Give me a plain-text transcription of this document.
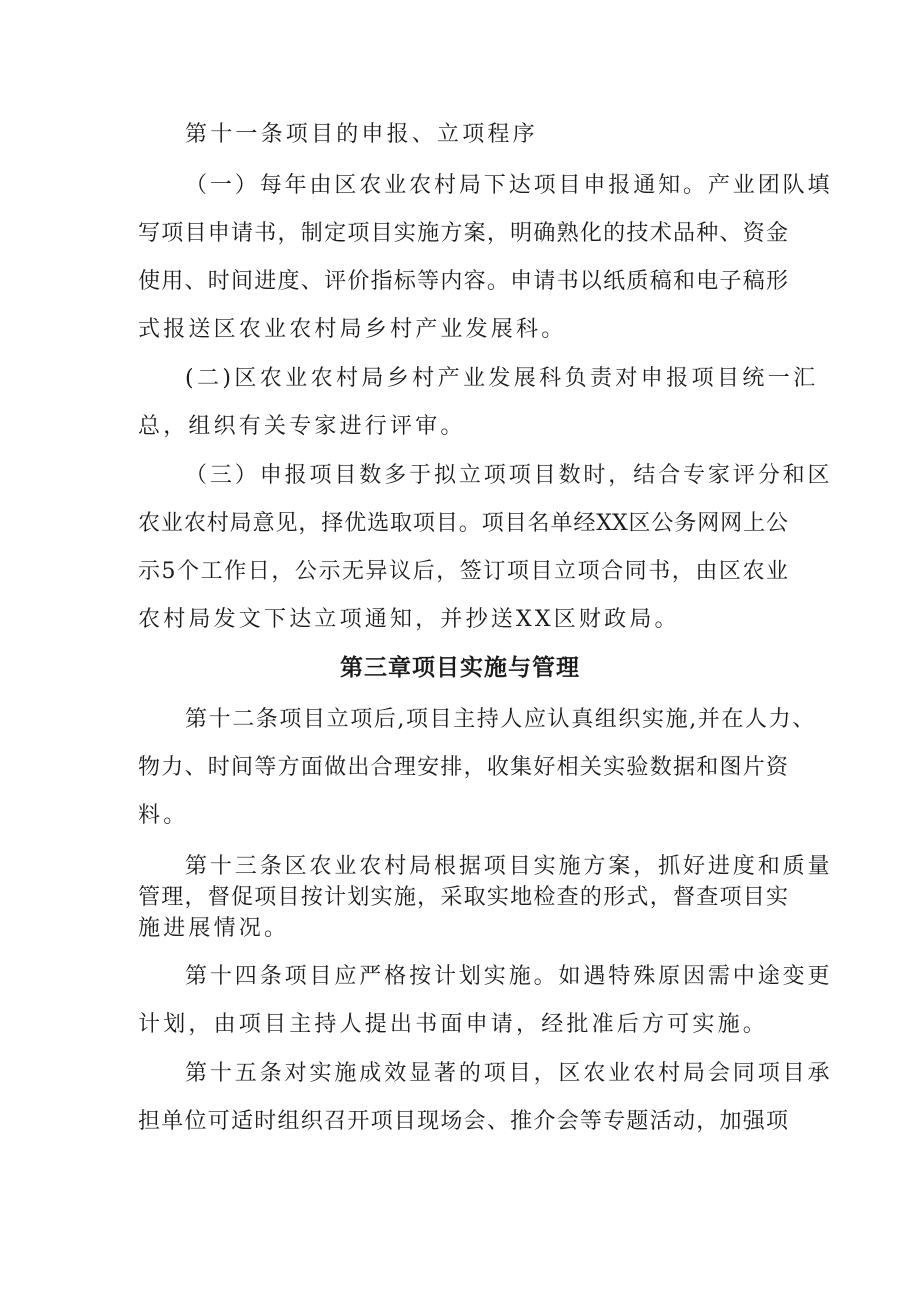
第十一条项目的申报、立项程序
（一）每年由区农业农村局下达项目申报通知。产业团队填
写项目申请书，制定项目实施方案，明确熟化的技术品种、资金
使用、时间进度、评价指标等内容。申请书以纸质稿和电子稿形
式报送区农业农村局乡村产业发展科。
(二)区农业农村局乡村产业发展科负责对申报项目统一汇
总，组织有关专家进行评审。
（三）申报项目数多于拟立项项目数时，结合专家评分和区
农业农村局意见，择优选取项目。项目名单经XX区公务网网上公
示5个工作日，公示无异议后，签订项目立项合同书，由区农业
农村局发文下达立项通知，并抄送XX区财政局。
第三章项目实施与管理
第十二条项目立项后,项目主持人应认真组织实施,并在人力、
物力、时间等方面做出合理安排，收集好相关实验数据和图片资
料。
第十三条区农业农村局根据项目实施方案，抓好进度和质量
管理，督促项目按计划实施，采取实地检查的形式，督查项目实
施进展情况。
第十四条项目应严格按计划实施。如遇特殊原因需中途变更
计划，由项目主持人提出书面申请，经批准后方可实施。
第十五条对实施成效显著的项目，区农业农村局会同项目承
担单位可适时组织召开项目现场会、推介会等专题活动，加强项
